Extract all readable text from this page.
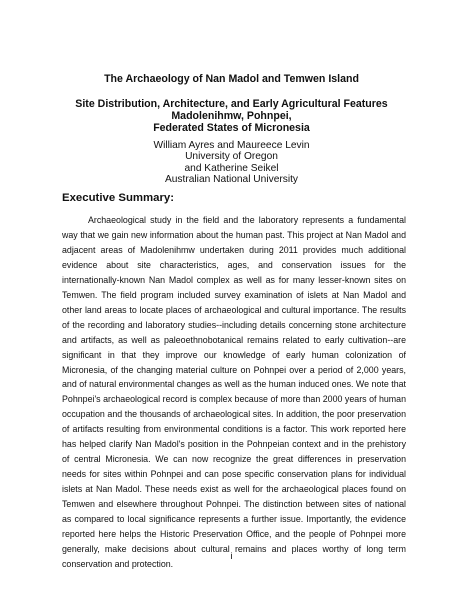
The Archaeology of Nan Madol and Temwen Island
Site Distribution, Architecture, and Early Agricultural Features
Madolenihmw, Pohnpei,
Federated States of Micronesia
William Ayres and Maureece Levin
University of Oregon
and Katherine Seikel
Australian National University
Executive Summary:

Archaeological study in the field and the laboratory represents a fundamental way that we gain new information about the human past. This project at Nan Madol and adjacent areas of Madolenihmw undertaken during 2011 provides much additional evidence about site characteristics, ages, and conservation issues for the internationally-known Nan Madol complex as well as for many lesser-known sites on Temwen. The field program included survey examination of islets at Nan Madol and other land areas to locate places of archaeological and cultural importance. The results of the recording and laboratory studies--including details concerning stone architecture and artifacts, as well as paleoethnobotanical remains related to early cultivation--are significant in that they improve our knowledge of early human colonization of Micronesia, of the changing material culture on Pohnpei over a period of 2,000 years, and of natural environmental changes as well as the human induced ones. We note that Pohnpei's archaeological record is complex because of more than 2000 years of human occupation and the thousands of archaeological sites. In addition, the poor preservation of artifacts resulting from environmental conditions is a factor. This work reported here has helped clarify Nan Madol's position in the Pohnpeian context and in the prehistory of central Micronesia. We can now recognize the great differences in preservation needs for sites within Pohnpei and can pose specific conservation plans for individual islets at Nan Madol. These needs exist as well for the archaeological places found on Temwen and elsewhere throughout Pohnpei. The distinction between sites of national as compared to local significance represents a further issue. Importantly, the evidence reported here helps the Historic Preservation Office, and the people of Pohnpei more generally, make decisions about cultural remains and places worthy of long term conservation and protection.

i
